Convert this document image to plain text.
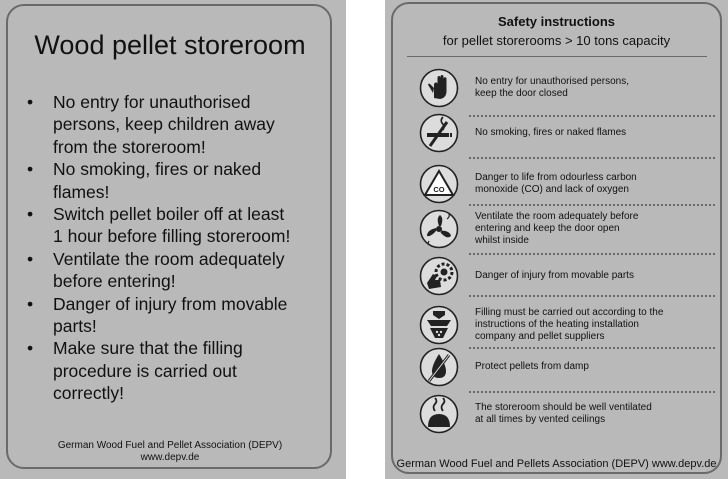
Wood pellet storeroom
•	No entry for unauthorised
persons, keep children away
from the storeroom!
•	No smoking, fires or naked
flames!
•	Switch pellet boiler off at least
1 hour before filling storeroom!
•	Ventilate the room adequately
before entering!
•	Danger of injury from movable
parts!
•	Make sure that the filling
procedure is carried out
correctly!
German Wood Fuel and Pellet Association (DEPV)
www.depv.de
Safety instructions
for pellet storerooms > 10 tons capacity
No entry for unauthorised persons,
keep the door closed
No smoking, fires or naked flames
CO
Danger to life from odourless carbon
monoxide (CO) and lack of oxygen
Ventilate the room adequately before
entering and keep the door open
whilst inside
Danger of injury from movable parts
Filling must be carried out according to the
instructions of the heating installation
company and pellet suppliers
Protect pellets from damp
The storeroom should be well ventilated
at all times by vented ceilings
German Wood Fuel and Pellets Association (DEPV) www.depv.de
